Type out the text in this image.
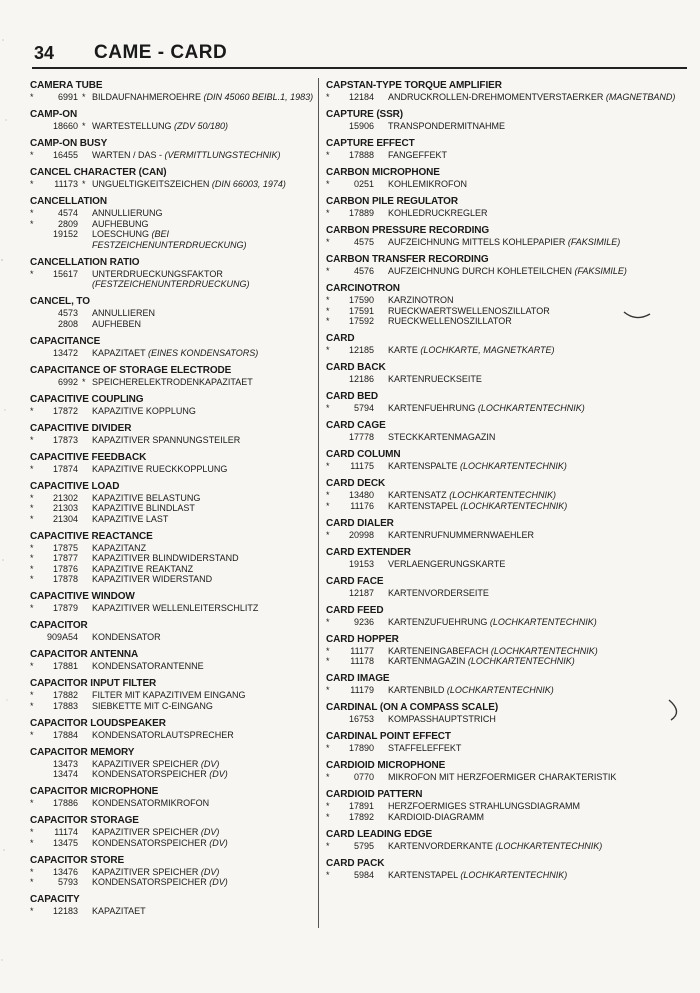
34 CAME - CARD
CAMERA TUBE
*	6991 * BILDAUFNAHMEROEHRE (DIN 45060 BEIBL.1, 1983)
CAMP-ON
18660 * WARTESTELLUNG (ZDV 50/180)
CAMP-ON BUSY
*	16455	WARTEN / DAS - (VERMITTLUNGSTECHNIK)
CANCEL CHARACTER (CAN)
*	11173 * UNGUELTIGKEITSZEICHEN (DIN 66003, 1974)
CANCELLATION
*	4574	ANNULLIERUNG
*	2809	AUFHEBUNG
19152	LOESCHUNG (BEI FESTZEICHENUNTERDRUECKUNG)
CANCELLATION RATIO
*	15617	UNTERDRUECKUNGSFAKTOR (FESTZEICHENUNTERDRUECKUNG)
CANCEL, TO
4573	ANNULLIEREN
2808	AUFHEBEN
CAPACITANCE
13472	KAPAZITAET (EINES KONDENSATORS)
CAPACITANCE OF STORAGE ELECTRODE
6992 * SPEICHERELEKTRODENKAPAZITAET
CAPACITIVE COUPLING
*	17872	KAPAZITIVE KOPPLUNG
CAPACITIVE DIVIDER
*	17873	KAPAZITIVER SPANNUNGSTEILER
CAPACITIVE FEEDBACK
*	17874	KAPAZITIVE RUECKKOPPLUNG
CAPACITIVE LOAD
*	21302	KAPAZITIVE BELASTUNG
*	21303	KAPAZITIVE BLINDLAST
*	21304	KAPAZITIVE LAST
CAPACITIVE REACTANCE
*	17875	KAPAZITANZ
*	17877	KAPAZITIVER BLINDWIDERSTAND
*	17876	KAPAZITIVE REAKTANZ
*	17878	KAPAZITIVER WIDERSTAND
CAPACITIVE WINDOW
*	17879	KAPAZITIVER WELLENLEITERSCHLITZ
CAPACITOR
909A54	KONDENSATOR
CAPACITOR ANTENNA
*	17881	KONDENSATORANTENNE
CAPACITOR INPUT FILTER
*	17882	FILTER MIT KAPAZITIVEM EINGANG
*	17883	SIEBKETTE MIT C-EINGANG
CAPACITOR LOUDSPEAKER
*	17884	KONDENSATORLAUTSPRECHER
CAPACITOR MEMORY
13473	KAPAZITIVER SPEICHER (DV)
13474	KONDENSATORSPEICHER (DV)
CAPACITOR MICROPHONE
*	17886	KONDENSATORMIKROFON
CAPACITOR STORAGE
*	11174	KAPAZITIVER SPEICHER (DV)
*	13475	KONDENSATORSPEICHER (DV)
CAPACITOR STORE
*	13476	KAPAZITIVER SPEICHER (DV)
*	5793	KONDENSATORSPEICHER (DV)
CAPACITY
*	12183	KAPAZITAET
CAPSTAN-TYPE TORQUE AMPLIFIER
*	12184	ANDRUCKROLLEN-DREHMOMENTVERSTAERKER (MAGNETBAND)
CAPTURE (SSR)
15906	TRANSPONDERMITNAHME
CAPTURE EFFECT
*	17888	FANGEFFEKT
CARBON MICROPHONE
*	0251	KOHLEMIKROFON
CARBON PILE REGULATOR
*	17889	KOHLEDRUCKREGLER
CARBON PRESSURE RECORDING
*	4575	AUFZEICHNUNG MITTELS KOHLEPAPIER (FAKSIMILE)
CARBON TRANSFER RECORDING
*	4576	AUFZEICHNUNG DURCH KOHLETEILCHEN (FAKSIMILE)
CARCINOTRON
*	17590	KARZINOTRON
*	17591	RUECKWAERTSWELLENOSZILLATOR
*	17592	RUECKWELLENOSZILLATOR
CARD
*	12185	KARTE (LOCHKARTE, MAGNETKARTE)
CARD BACK
12186	KARTENRUECKSEITE
CARD BED
*	5794	KARTENFUEHRUNG (LOCHKARTENTECHNIK)
CARD CAGE
17778	STECKKARTENMAGAZIN
CARD COLUMN
*	11175	KARTENSPALTE (LOCHKARTENTECHNIK)
CARD DECK
*	13480	KARTENSATZ (LOCHKARTENTECHNIK)
*	11176	KARTENSTAPEL (LOCHKARTENTECHNIK)
CARD DIALER
*	20998	KARTENRUFNUMMERNWAEHLER
CARD EXTENDER
19153	VERLAENGERUNGSKARTE
CARD FACE
12187	KARTENVORDERSEITE
CARD FEED
*	9236	KARTENZUFUEHRUNG (LOCHKARTENTECHNIK)
CARD HOPPER
*	11177	KARTENEINGABEFACH (LOCHKARTENTECHNIK)
*	11178	KARTENMAGAZIN (LOCHKARTENTECHNIK)
CARD IMAGE
*	11179	KARTENBILD (LOCHKARTENTECHNIK)
CARDINAL (ON A COMPASS SCALE)
16753	KOMPASSHAUPTSTRICH
CARDINAL POINT EFFECT
*	17890	STAFFELEFFEKT
CARDIOID MICROPHONE
*	0770	MIKROFON MIT HERZFOERMIGER CHARAKTERISTIK
CARDIOID PATTERN
*	17891	HERZFOERMIGES STRAHLUNGSDIAGRAMM
*	17892	KARDIOID-DIAGRAMM
CARD LEADING EDGE
*	5795	KARTENVORDERKANTE (LOCHKARTENTECHNIK)
CARD PACK
*	5984	KARTENSTAPEL (LOCHKARTENTECHNIK)
